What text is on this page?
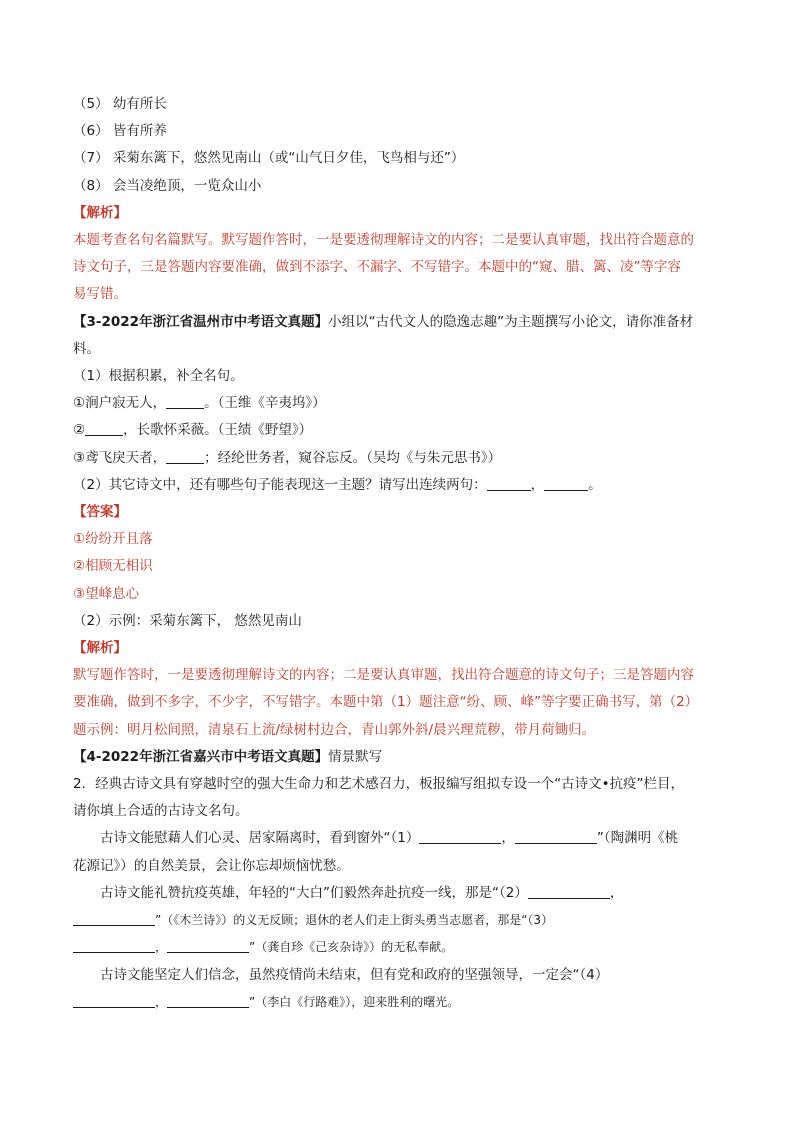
（5） 幼有所长
（6） 皆有所养
（7） 采菊东篱下，悠然见南山（或“山气日夕佳，飞鸟相与还”）
（8） 会当凌绝顶，一览众山小
【解析】
本题考查名句名篇默写。默写题作答时，一是要透彻理解诗文的内容；二是要认真审题，找出符合题意的
诗文句子，三是答题内容要准确，做到不添字、不漏字、不写错字。本题中的“窥、腊、篱、凌”等字容
易写错。
【3-2022年浙江省温州市中考语文真题】小组以“古代文人的隐逸志趣”为主题撰写小论文，请你准备材
料。
（1）根据积累，补全名句。
①涧户寂无人，	。（王维《辛夷坞》）
②	，长歌怀采薇。（王绩《野望》）
③鸢飞戾天者，	；经纶世务者，窥谷忘反。（吴均《与朱元思书》）
（2）其它诗文中，还有哪些句子能表现这一主题？请写出连续两句：	，	。
【答案】
①纷纷开且落
②相顾无相识
③望峰息心
（2）示例：采菊东篱下， 悠然见南山
【解析】
默写题作答时，一是要透彻理解诗文的内容；二是要认真审题，找出符合题意的诗文句子；三是答题内容
要准确，做到不多字，不少字，不写错字。本题中第（1）题注意“纷、顾、峰”等字要正确书写，第（2）
题示例：明月松间照，清泉石上流/绿树村边合，青山郭外斜/晨兴理荒秽，带月荷锄归。
【4-2022年浙江省嘉兴市中考语文真题】情景默写
2．经典古诗文具有穿越时空的强大生命力和艺术感召力，板报编写组拟专设一个“古诗文•抗疫”栏目，
请你填上合适的古诗文名句。
古诗文能慰藉人们心灵、居家隔离时，看到窗外“（1）	，	”（陶渊明《桃
花源记》）的自然美景，会让你忘却烦恼忧愁。
古诗文能礼赞抗疫英雄，年轻的“大白”们毅然奔赴抗疫一线，那是“（2）	，
”（《木兰诗》）的义无反顾；退休的老人们走上街头勇当志愿者，那是“（3）
，	”（龚自珍《己亥杂诗》）的无私奉献。
古诗文能坚定人们信念，虽然疫情尚未结束，但有党和政府的坚强领导，一定会“（4）
，	”（李白《行路难》），迎来胜利的曙光。
